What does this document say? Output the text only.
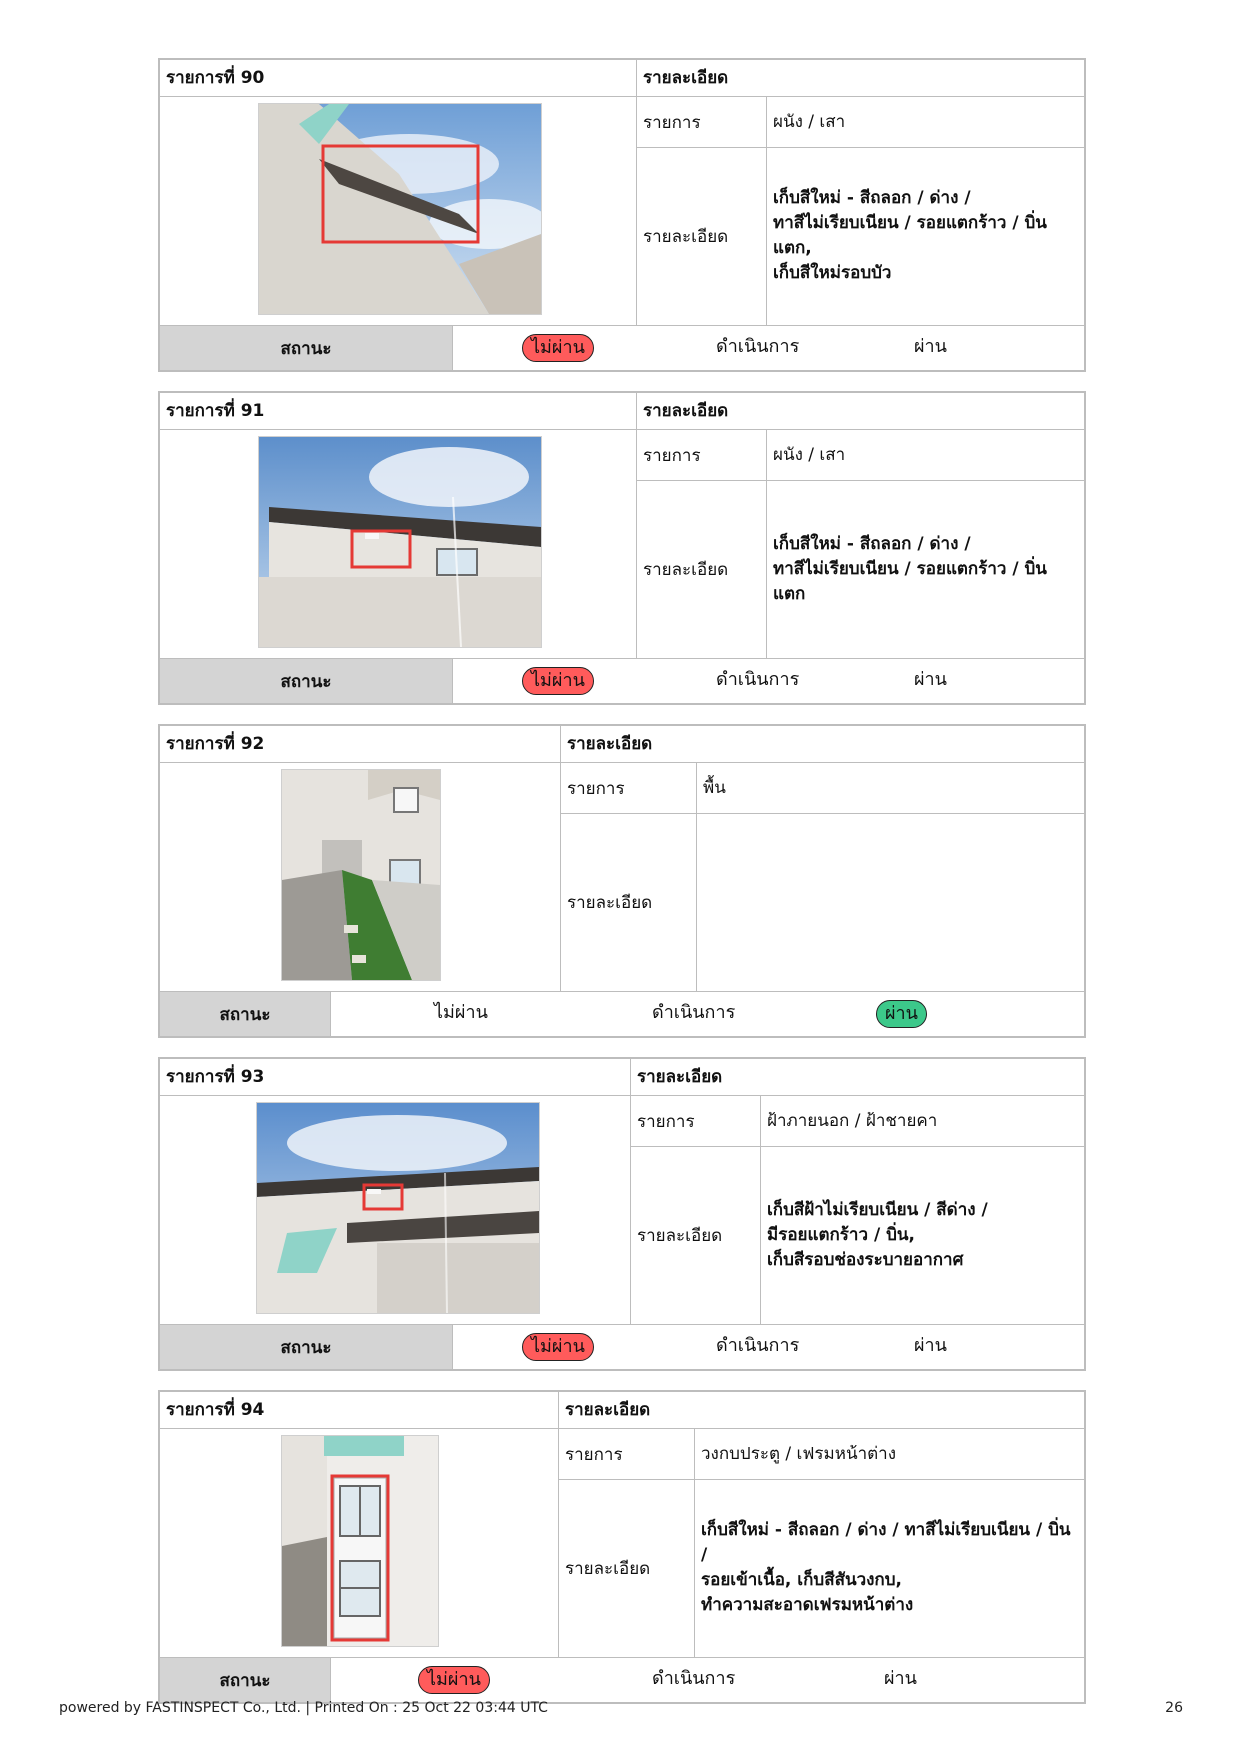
รายการที่ 90	รายละเอียด
รายการ	ผนัง / เสา
รายละเอียด
เก็บสีใหม่ - สีถลอก / ด่าง /
ทาสีไม่เรียบเนียน / รอยแตกร้าว / บิ่นแตก,
เก็บสีใหม่รอบบัว
สถานะ	ไม่ผ่าน	ดำเนินการ	ผ่าน
รายการที่ 91	รายละเอียด
รายการ	ผนัง / เสา
รายละเอียด
เก็บสีใหม่ - สีถลอก / ด่าง /
ทาสีไม่เรียบเนียน / รอยแตกร้าว / บิ่นแตก
สถานะ	ไม่ผ่าน	ดำเนินการ	ผ่าน
รายการที่ 92	รายละเอียด
รายการ	พื้น
รายละเอียด
สถานะ	ไม่ผ่าน	ดำเนินการ	ผ่าน
รายการที่ 93	รายละเอียด
รายการ	ฝ้าภายนอก / ฝ้าชายคา
รายละเอียด
เก็บสีฝ้าไม่เรียบเนียน / สีด่าง /
มีรอยแตกร้าว / บิ่น,
เก็บสีรอบช่องระบายอากาศ
สถานะ	ไม่ผ่าน	ดำเนินการ	ผ่าน
รายการที่ 94	รายละเอียด
รายการ	วงกบประตู / เฟรมหน้าต่าง
รายละเอียด
เก็บสีใหม่ - สีถลอก / ด่าง / ทาสีไม่เรียบเนียน / บิ่น /
รอยเข้าเนื้อ, เก็บสีสันวงกบ,
ทำความสะอาดเฟรมหน้าต่าง
สถานะ	ไม่ผ่าน	ดำเนินการ	ผ่าน
powered by FASTINSPECT Co., Ltd. | Printed On : 25 Oct 22 03:44 UTC	26
